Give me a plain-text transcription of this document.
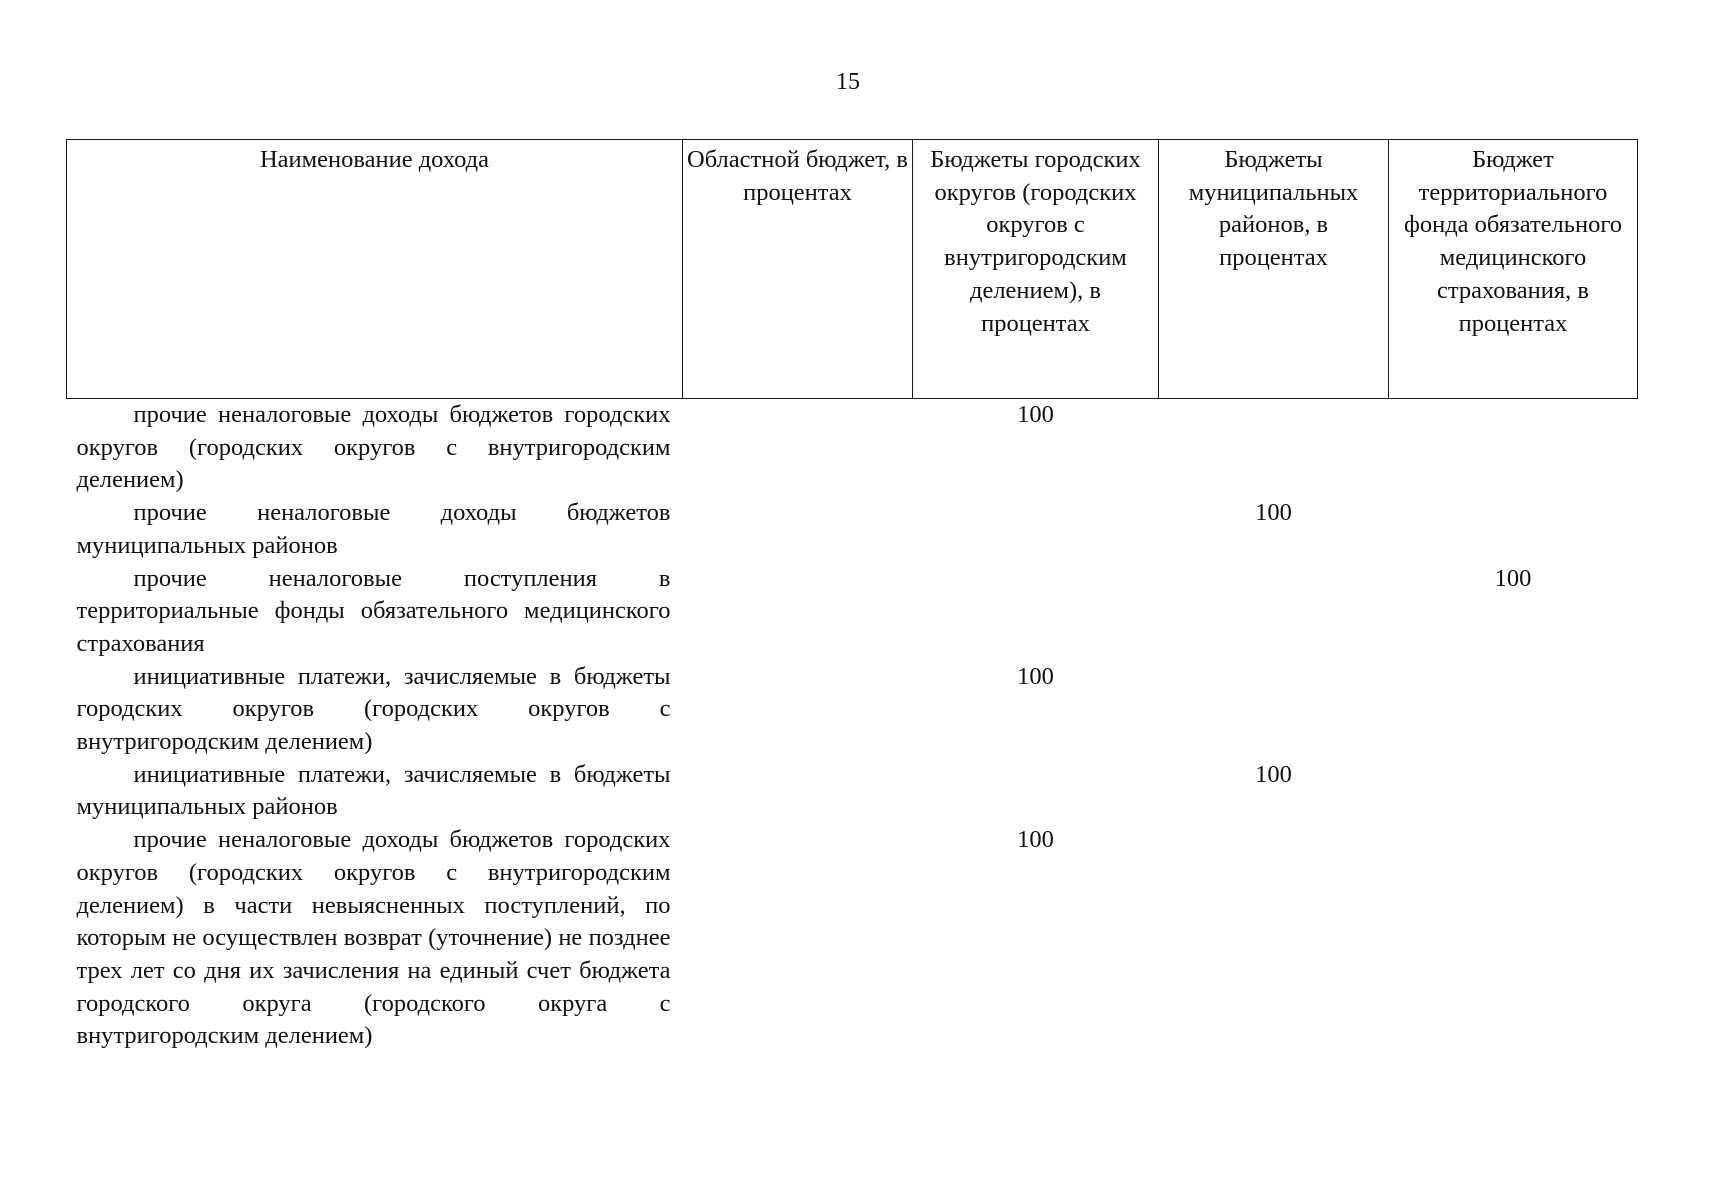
15
Наименование дохода	Областной бюджет, в процентах	Бюджеты городских округов (городских округов с внутригородским делением), в процентах	Бюджеты муниципальных районов, в процентах	Бюджет территориального фонда обязательного медицинского страхования, в процентах
прочие неналоговые доходы бюджетов городских округов (городских округов с внутригородским делением)		100		
прочие неналоговые доходы бюджетов муниципальных районов			100	
прочие неналоговые поступления в территориальные фонды обязательного медицинского страхования				100
инициативные платежи, зачисляемые в бюджеты городских округов (городских округов с внутригородским делением)		100		
инициативные платежи, зачисляемые в бюджеты муниципальных районов			100	
прочие неналоговые доходы бюджетов городских округов (городских округов с внутригородским делением) в части невыясненных поступлений, по которым не осуществлен возврат (уточнение) не позднее трех лет со дня их зачисления на единый счет бюджета городского округа (городского округа с внутригородским делением)		100		
